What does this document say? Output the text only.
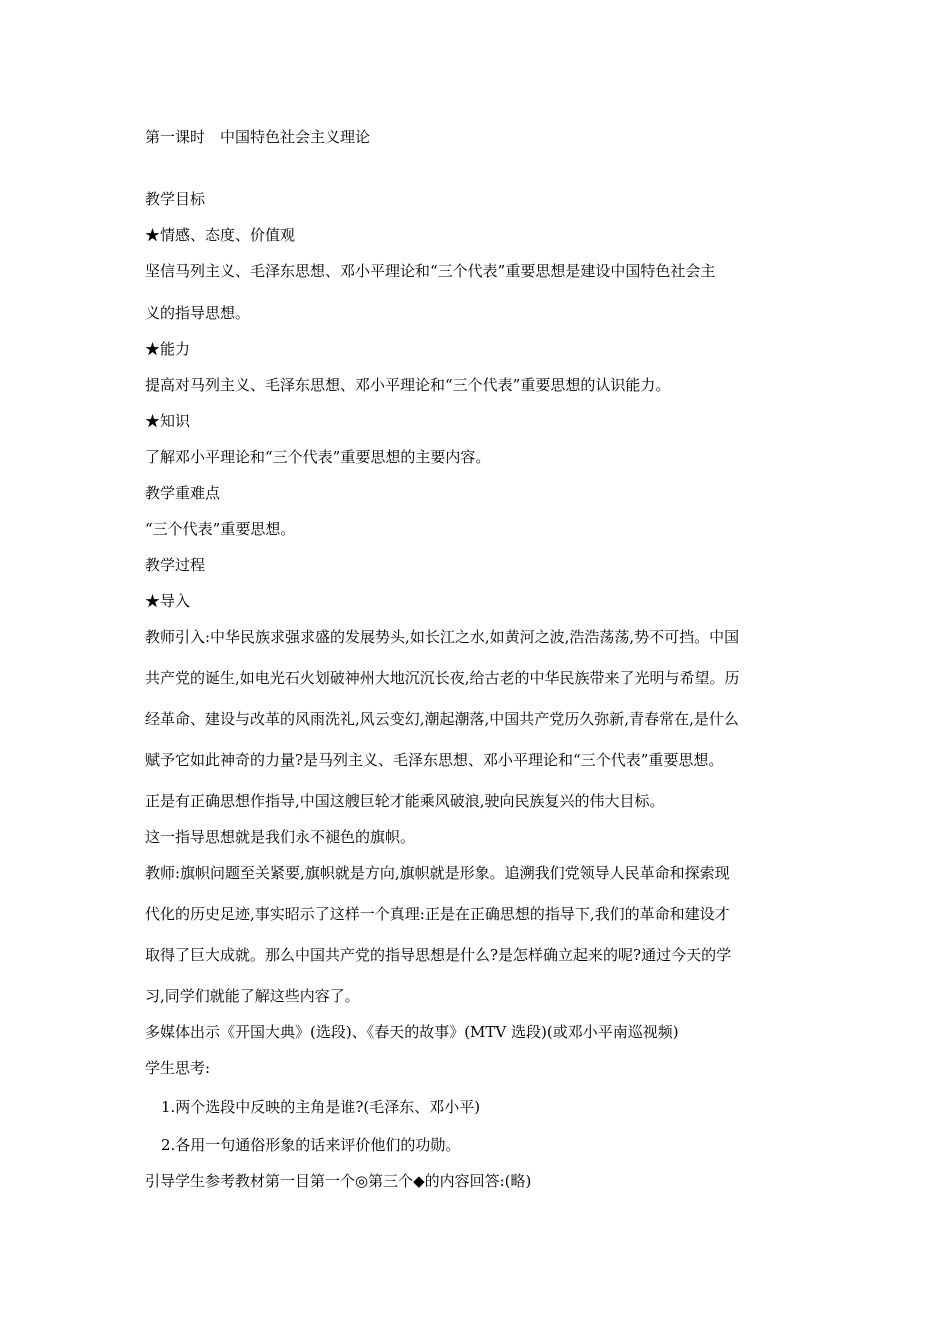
第一课时　中国特色社会主义理论
教学目标
★情感、态度、价值观
坚信马列主义、毛泽东思想、邓小平理论和“三个代表”重要思想是建设中国特色社会主
义的指导思想。
★能力
提高对马列主义、毛泽东思想、邓小平理论和“三个代表”重要思想的认识能力。
★知识
了解邓小平理论和“三个代表”重要思想的主要内容。
教学重难点
“三个代表”重要思想。
教学过程
★导入
教师引入:中华民族求强求盛的发展势头,如长江之水,如黄河之波,浩浩荡荡,势不可挡。中国
共产党的诞生,如电光石火划破神州大地沉沉长夜,给古老的中华民族带来了光明与希望。历
经革命、建设与改革的风雨洗礼,风云变幻,潮起潮落,中国共产党历久弥新,青春常在,是什么
赋予它如此神奇的力量?是马列主义、毛泽东思想、邓小平理论和“三个代表”重要思想。
正是有正确思想作指导,中国这艘巨轮才能乘风破浪,驶向民族复兴的伟大目标。
这一指导思想就是我们永不褪色的旗帜。
教师:旗帜问题至关紧要,旗帜就是方向,旗帜就是形象。追溯我们党领导人民革命和探索现
代化的历史足迹,事实昭示了这样一个真理:正是在正确思想的指导下,我们的革命和建设才
取得了巨大成就。那么中国共产党的指导思想是什么?是怎样确立起来的呢?通过今天的学
习,同学们就能了解这些内容了。
多媒体出示《开国大典》(选段)、《春天的故事》(MTV 选段)(或邓小平南巡视频)
学生思考:
1.两个选段中反映的主角是谁?(毛泽东、邓小平)
2.各用一句通俗形象的话来评价他们的功勋。
引导学生参考教材第一目第一个◎第三个◆的内容回答:(略)
